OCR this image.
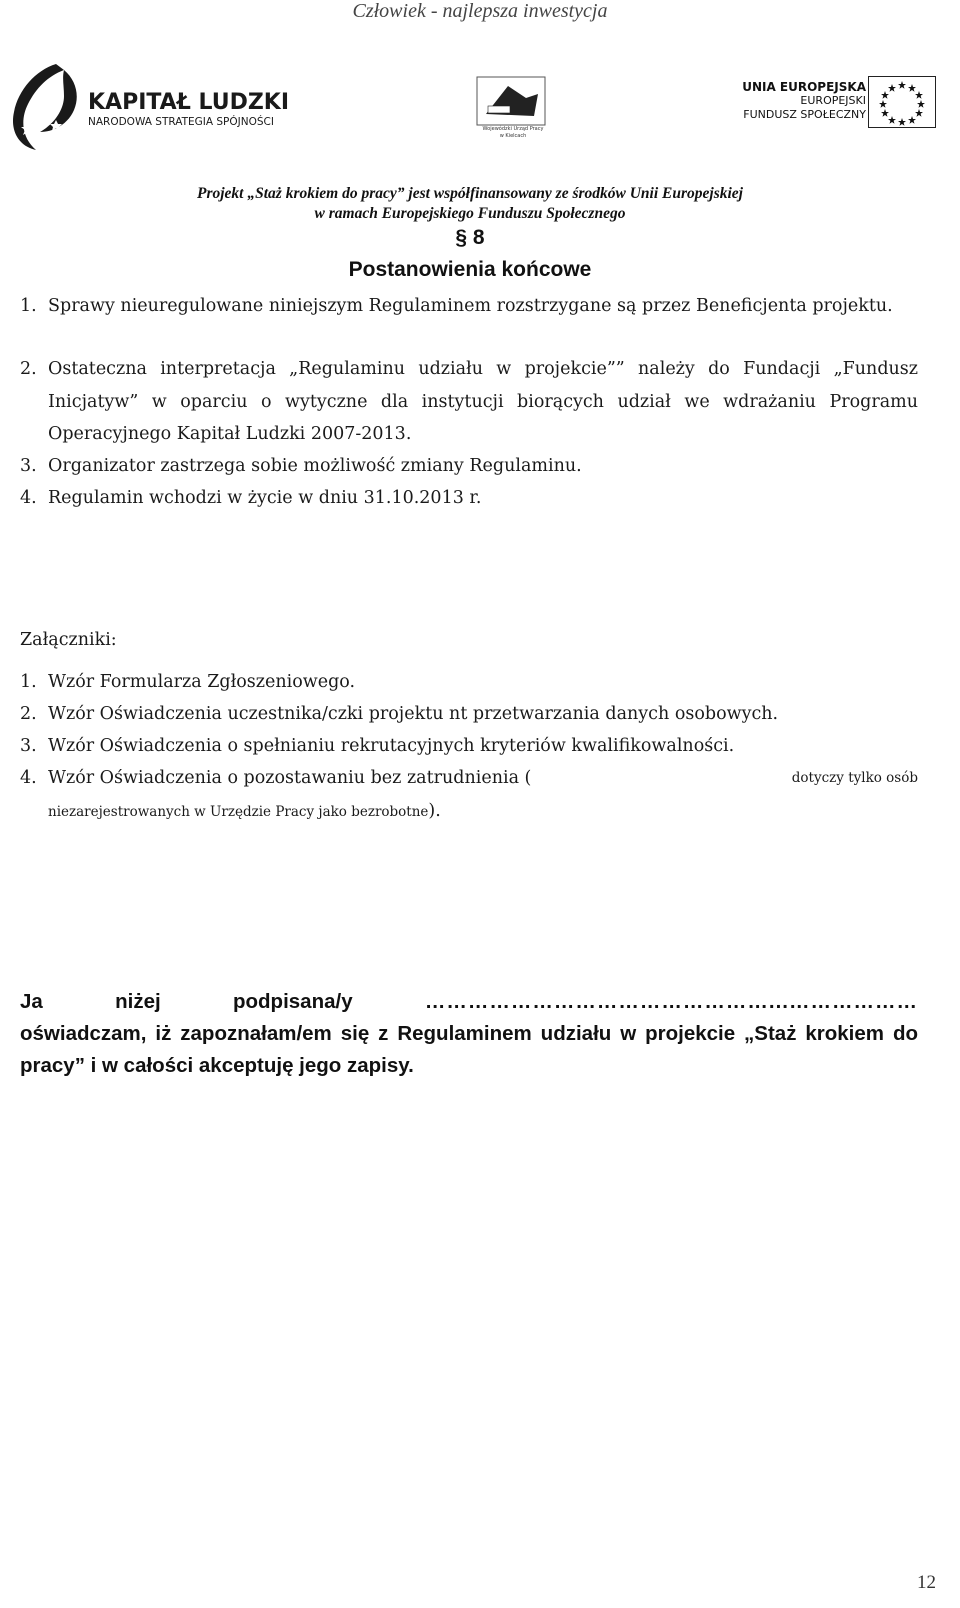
Człowiek - najlepsza inwestycja
KAPITAŁ LUDZKI
NARODOWA STRATEGIA SPÓJNOŚCI
Wojewódzki Urząd Pracy
w Kielcach
UNIA EUROPEJSKA
EUROPEJSKI
FUNDUSZ SPOŁECZNY
Projekt „Staż krokiem do pracy” jest współfinansowany ze środków Unii Europejskiej
w ramach Europejskiego Funduszu Społecznego
§ 8
Postanowienia końcowe
1. Sprawy nieuregulowane niniejszym Regulaminem rozstrzygane są przez Beneficjenta projektu.
2. Ostateczna interpretacja „Regulaminu udziału w projekcie”” należy do Fundacji „Fundusz Inicjatyw” w oparciu o wytyczne dla instytucji biorących udział we wdrażaniu Programu Operacyjnego Kapitał Ludzki 2007-2013.
3. Organizator zastrzega sobie możliwość zmiany Regulaminu.
4. Regulamin wchodzi w życie w dniu 31.10.2013 r.
Załączniki:
1. Wzór Formularza Zgłoszeniowego.
2. Wzór Oświadczenia uczestnika/czki projektu nt przetwarzania danych osobowych.
3. Wzór Oświadczenia o spełnianiu rekrutacyjnych kryteriów kwalifikowalności.
4. Wzór Oświadczenia o pozostawaniu bez zatrudnienia (	dotyczy tylko osób
niezarejestrowanych w Urzędzie Pracy jako bezrobotne).
Ja	niżej	podpisana/y	…………………………………………...………………
oświadczam, iż zapoznałam/em się z Regulaminem udziału w projekcie „Staż krokiem do pracy” i w całości akceptuję jego zapisy.
12
